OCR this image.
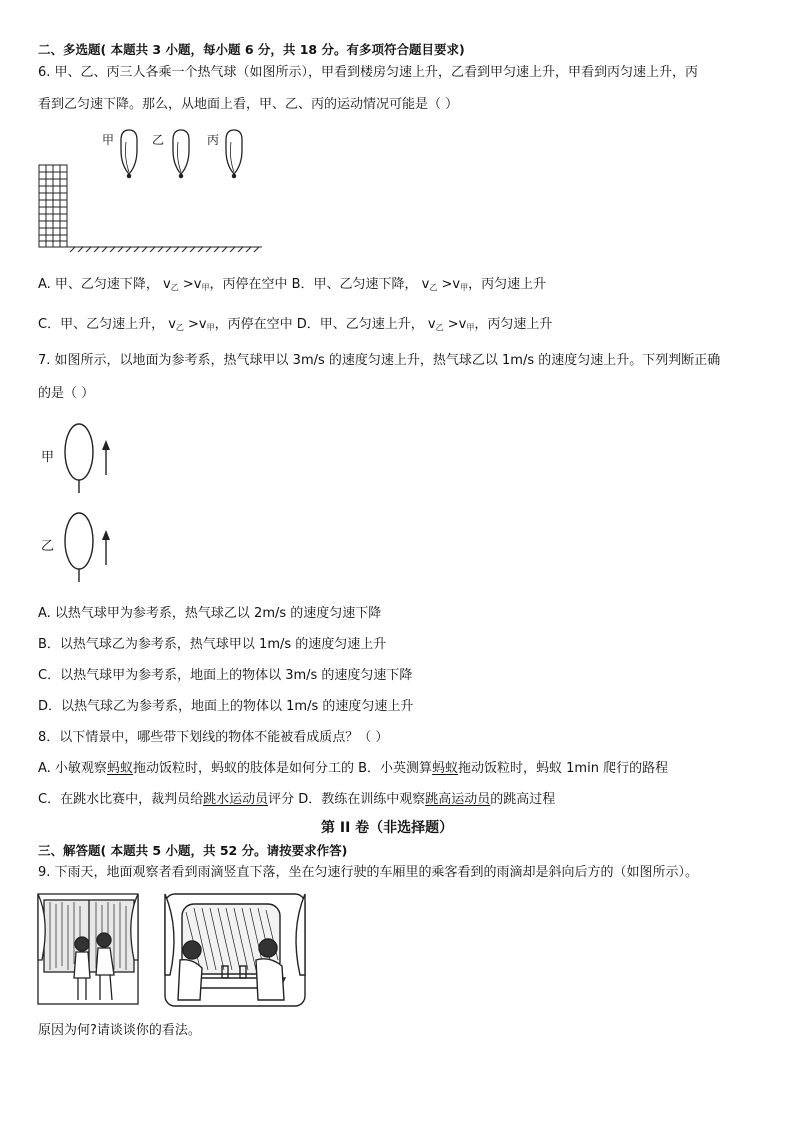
二、多选题( 本题共 3 小题，每小题 6 分，共 18 分。有多项符合题目要求)
6. 甲、乙、丙三人各乘一个热气球（如图所示），甲看到楼房匀速上升，乙看到甲匀速上升，甲看到丙匀速上升，丙
看到乙匀速下降。那么，从地面上看，甲、乙、丙的运动情况可能是（ ）
甲	乙	丙
A. 甲、乙匀速下降， $v_乙 >v_甲$，丙停在空中 B．甲、乙匀速下降， $v_乙 >v_甲$，丙匀速上升
C．甲、乙匀速上升， $v_乙 >v_甲$，丙停在空中 D．甲、乙匀速上升， $v_乙 >v_甲$，丙匀速上升
7. 如图所示，以地面为参考系，热气球甲以 3m/s 的速度匀速上升，热气球乙以 1m/s 的速度匀速上升。下列判断正确
的是（ ）
甲
乙
A. 以热气球甲为参考系，热气球乙以 2m/s 的速度匀速下降
B．以热气球乙为参考系，热气球甲以 1m/s 的速度匀速上升
C．以热气球甲为参考系，地面上的物体以 3m/s 的速度匀速下降
D．以热气球乙为参考系，地面上的物体以 1m/s 的速度匀速上升
8．以下情景中，哪些带下划线的物体不能被看成质点？（ ）
A. 小敏观察蚂蚁拖动饭粒时，蚂蚁的肢体是如何分工的 B．小英测算蚂蚁拖动饭粒时，蚂蚁 1min 爬行的路程
C．在跳水比赛中，裁判员给跳水运动员评分 D．教练在训练中观察跳高运动员的跳高过程
第 II 卷（非选择题）
三、解答题( 本题共 5 小题，共 52 分。请按要求作答)
9. 下雨天，地面观察者看到雨滴竖直下落，坐在匀速行驶的车厢里的乘客看到的雨滴却是斜向后方的（如图所示）。
原因为何?请谈谈你的看法。
